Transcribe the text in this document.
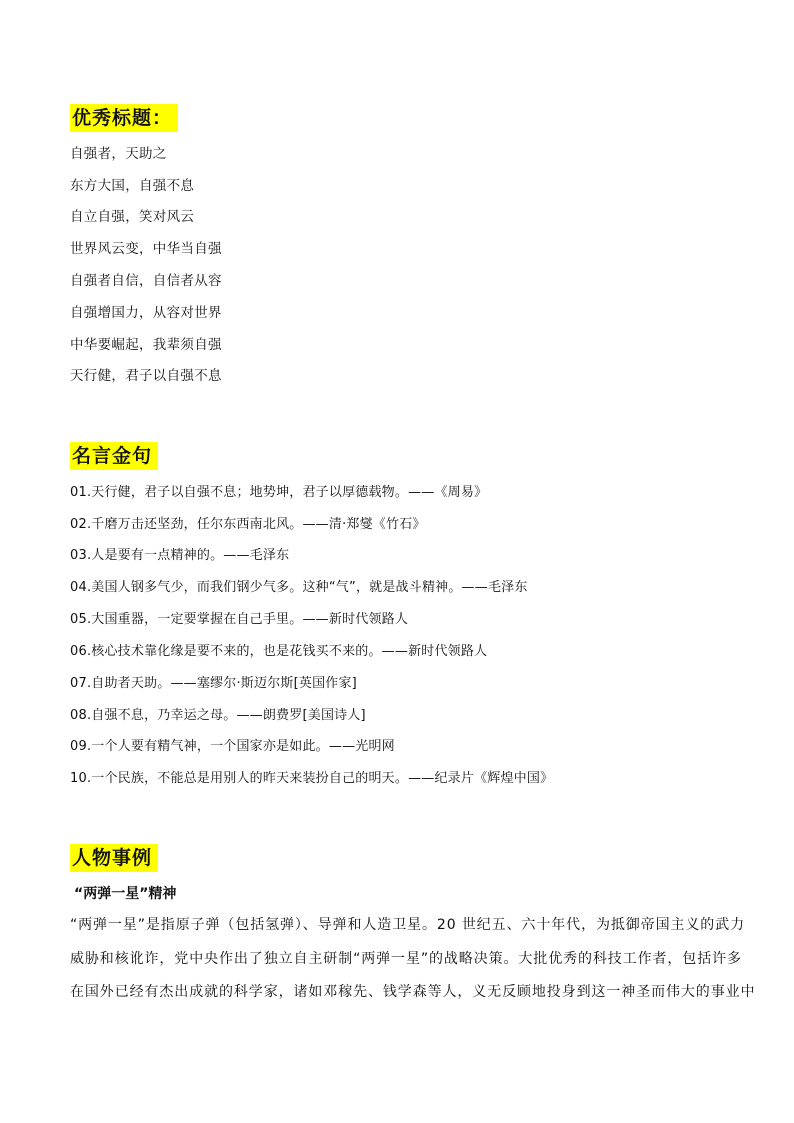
优秀标题：
自强者，天助之
东方大国，自强不息
自立自强，笑对风云
世界风云变，中华当自强
自强者自信，自信者从容
自强增国力，从容对世界
中华要崛起，我辈须自强
天行健，君子以自强不息
名言金句
01.天行健，君子以自强不息；地势坤，君子以厚德载物。——《周易》
02.千磨万击还坚劲，任尔东西南北风。——清·郑燮《竹石》
03.人是要有一点精神的。——毛泽东
04.美国人钢多气少，而我们钢少气多。这种“气”，就是战斗精神。——毛泽东
05.大国重器，一定要掌握在自己手里。——新时代领路人
06.核心技术靠化缘是要不来的，也是花钱买不来的。——新时代领路人
07.自助者天助。——塞缪尔·斯迈尔斯[英国作家]
08.自强不息，乃幸运之母。——朗费罗[美国诗人]
09.一个人要有精气神，一个国家亦是如此。——光明网
10.一个民族，不能总是用别人的昨天来装扮自己的明天。——纪录片《辉煌中国》
人物事例
“两弹一星”精神
“两弹一星”是指原子弹（包括氢弹）、导弹和人造卫星。20 世纪五、六十年代，为抵御帝国主义的武力
威胁和核讹诈，党中央作出了独立自主研制“两弹一星”的战略决策。大批优秀的科技工作者，包括许多
在国外已经有杰出成就的科学家，诸如邓稼先、钱学森等人，义无反顾地投身到这一神圣而伟大的事业中
